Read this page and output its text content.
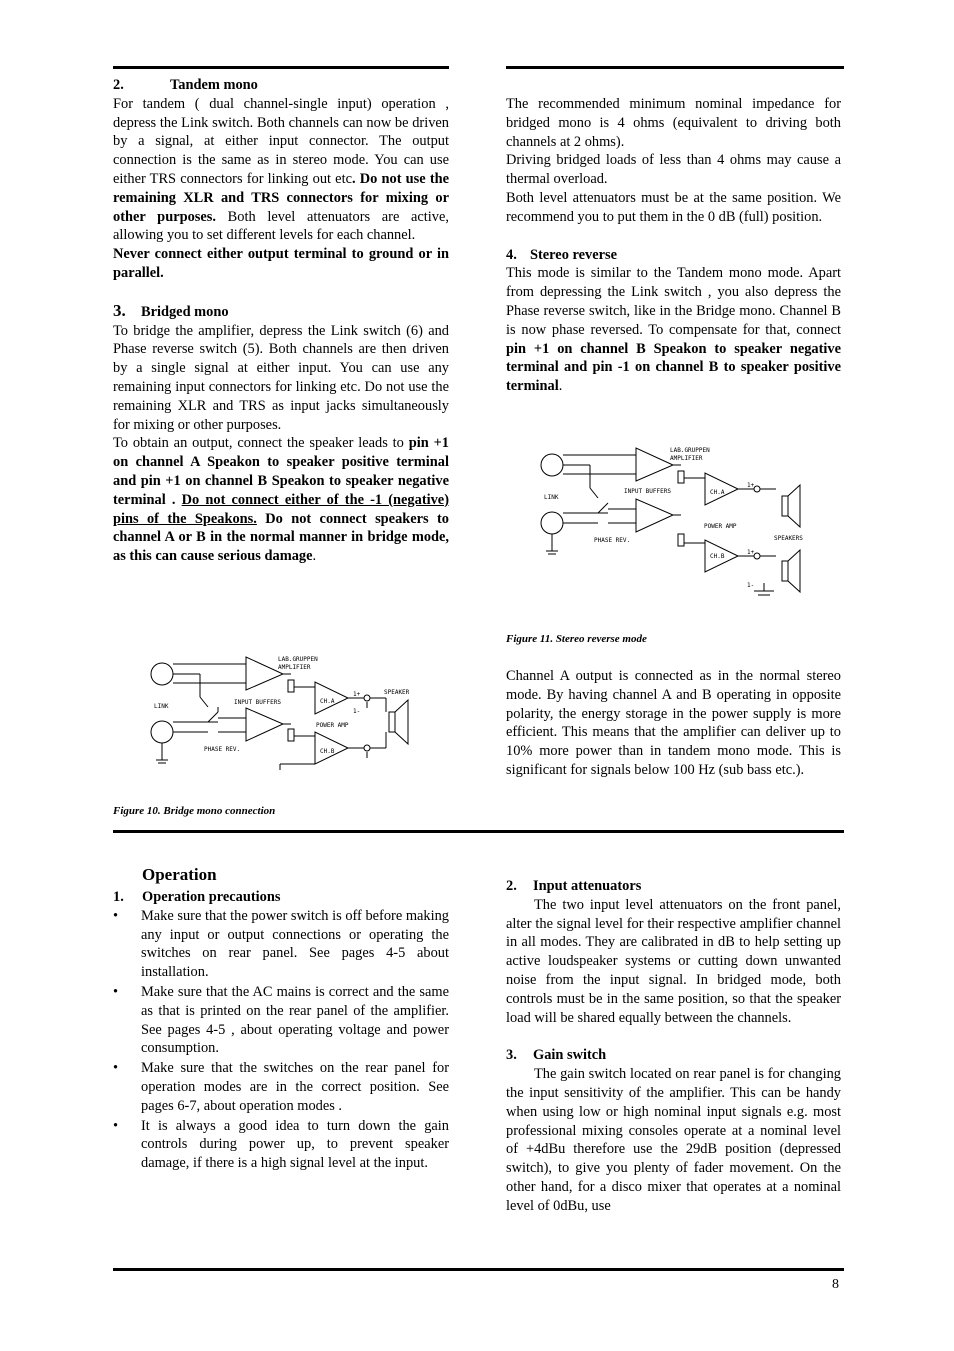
2.	Tandem mono

For tandem ( dual channel-single input) operation , depress the Link switch. Both channels can now be driven by a signal, at either input connector. The output connection is the same as in stereo mode. You can use either TRS connectors for linking out etc. Do not use the remaining XLR and TRS connectors for mixing or other purposes. Both level attenuators are active, allowing you to set different levels for each channel.

Never connect either output terminal to ground or in parallel.

3. Bridged mono

To bridge the amplifier, depress the Link switch (6) and Phase reverse switch (5). Both channels are then driven by a single signal at either input. You can use any remaining input connectors for linking etc. Do not use the remaining XLR and TRS as input jacks simultaneously for mixing or other purposes.

To obtain an output, connect the speaker leads to pin +1 on channel A Speakon to speaker positive terminal and pin +1 on channel B Speakon to speaker negative terminal . Do not connect either of the -1 (negative) pins of the Speakons. Do not connect speakers to channel A or B in the normal manner in bridge mode, as this can cause serious damage.

LAB.GRUPPEN
AMPLIFIER
LINK
INPUT BUFFERS	CH.A
CH.B
POWER AMP
PHASE REV.
SPEAKER
1+
1-
Figure 10. Bridge mono connection

The recommended minimum nominal impedance for bridged mono is 4 ohms (equivalent to driving both channels at 2 ohms).

Driving bridged loads of less than 4 ohms may cause a thermal overload.

Both level attenuators must be at the same position. We recommend you to put them in the 0 dB (full) position.

4. Stereo reverse

This mode is similar to the Tandem mono mode. Apart from depressing the Link switch , you also depress the Phase reverse switch, like in the Bridge mono. Channel B is now phase reversed. To compensate for that, connect pin +1 on channel B Speakon to speaker negative terminal and pin -1 on channel B to speaker positive terminal.

LAB.GRUPPEN
AMPLIFIER
LINK
INPUT BUFFERS	CH.A
CH.B
POWER AMP
PHASE REV.	SPEAKERS
1+
1+
1-
Figure 11. Stereo reverse mode

Channel A output is connected as in the normal stereo mode. By having channel A and B operating in opposite polarity, the energy storage in the power supply is more efficient. This means that the amplifier can deliver up to 10% more power than in tandem mono mode. This is significant for signals below 100 Hz (sub bass etc.).

Operation

1. Operation precautions

• Make sure that the power switch is off before making any input or output connections or operating the switches on rear panel. See pages 4-5 about installation.
• Make sure that the AC mains is correct and the same as that is printed on the rear panel of the amplifier. See pages 4-5 , about operating voltage and power consumption.
• Make sure that the switches on the rear panel for operation modes are in the correct position. See pages 6-7, about operation modes .
• It is always a good idea to turn down the gain controls during power up, to prevent speaker damage, if there is a high signal level at the input.

2. Input attenuators

The two input level attenuators on the front panel, alter the signal level for their respective amplifier channel in all modes. They are calibrated in dB to help setting up active loudspeaker systems or cutting down unwanted noise from the input signal. In bridged mode, both controls must be in the same position, so that the speaker load will be shared equally between the channels.

3. Gain switch

The gain switch located on rear panel is for changing the input sensitivity of the amplifier. This can be handy when using low or high nominal input signals e.g. most professional mixing consoles operate at a nominal level of +4dBu therefore use the 29dB position (depressed switch), to give you plenty of fader movement. On the other hand, for a disco mixer that operates at a nominal level of 0dBu, use

8
